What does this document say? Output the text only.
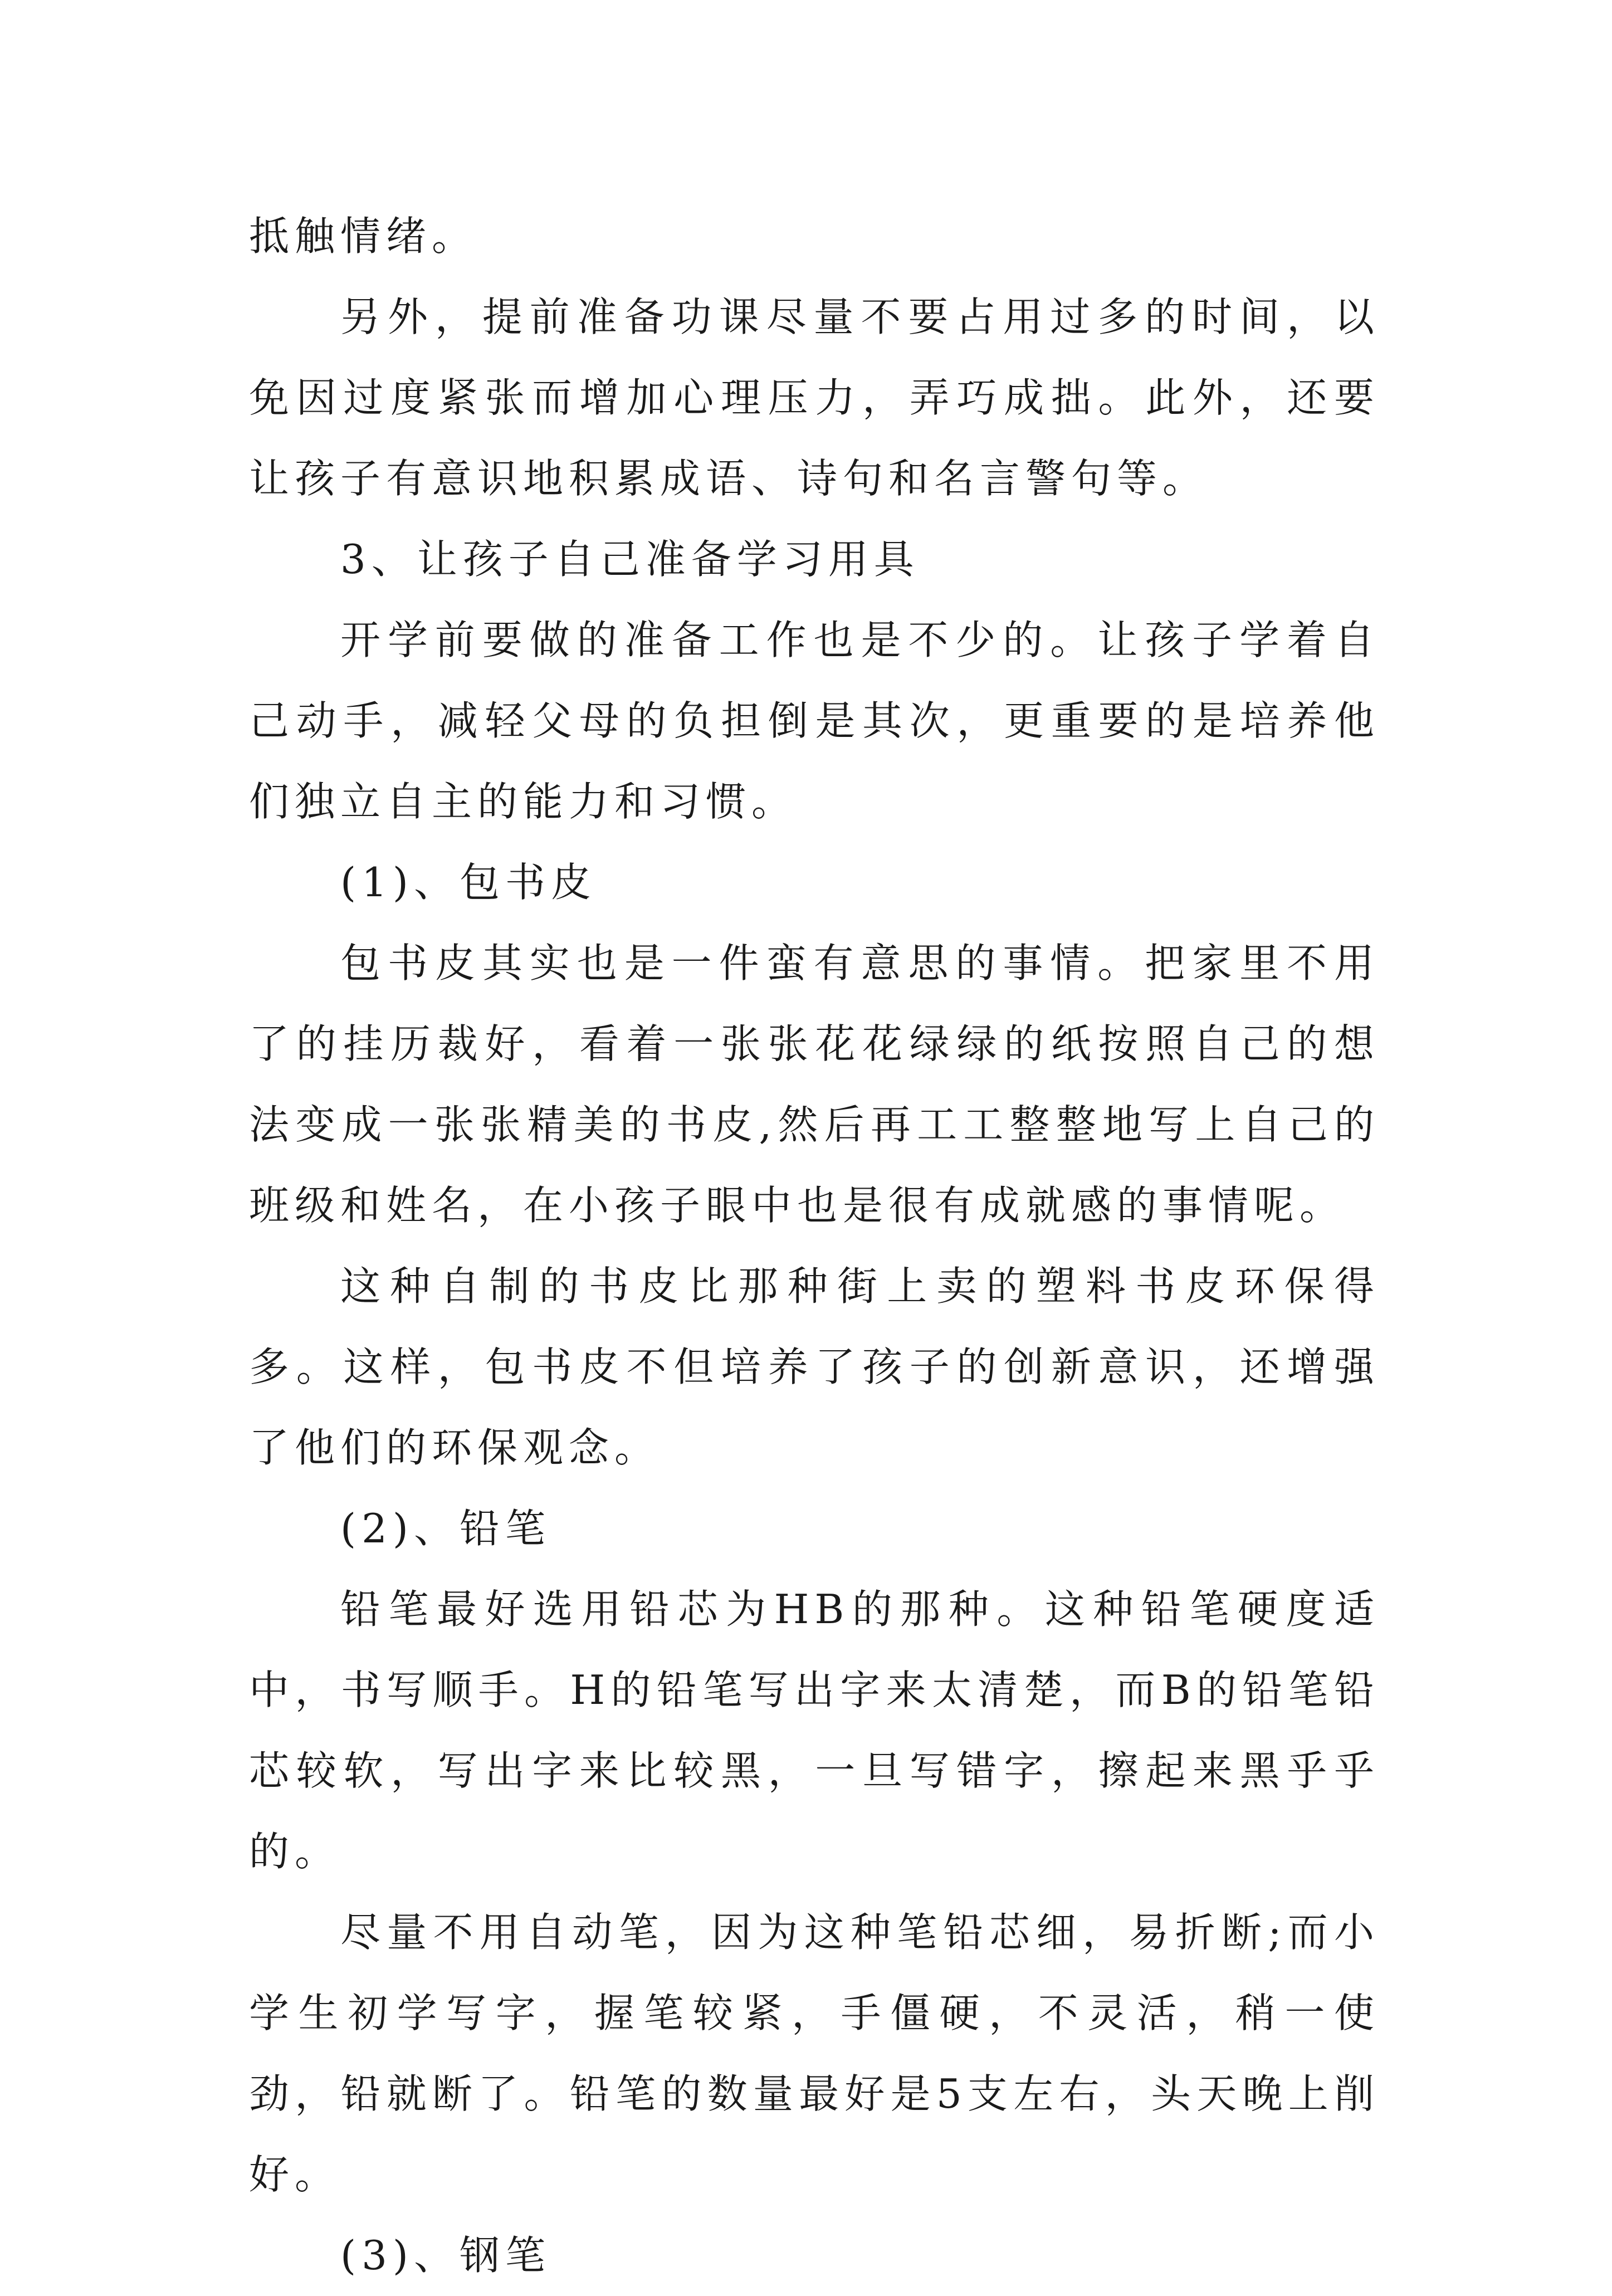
抵触情绪。

另外，提前准备功课尽量不要占用过多的时间，以免因过度紧张而增加心理压力，弄巧成拙。此外，还要让孩子有意识地积累成语、诗句和名言警句等。

3、让孩子自己准备学习用具

开学前要做的准备工作也是不少的。让孩子学着自己动手，减轻父母的负担倒是其次，更重要的是培养他们独立自主的能力和习惯。

(1)、包书皮

包书皮其实也是一件蛮有意思的事情。把家里不用了的挂历裁好，看着一张张花花绿绿的纸按照自己的想法变成一张张精美的书皮,然后再工工整整地写上自己的班级和姓名，在小孩子眼中也是很有成就感的事情呢。

这种自制的书皮比那种街上卖的塑料书皮环保得多。这样，包书皮不但培养了孩子的创新意识，还增强了他们的环保观念。

(2)、铅笔

铅笔最好选用铅芯为HB的那种。这种铅笔硬度适中，书写顺手。H的铅笔写出字来太清楚，而B的铅笔铅芯较软，写出字来比较黑，一旦写错字，擦起来黑乎乎的。

尽量不用自动笔，因为这种笔铅芯细，易折断;而小学生初学写字，握笔较紧，手僵硬，不灵活，稍一使劲，铅就断了。铅笔的数量最好是5支左右，头天晚上削好。

(3)、钢笔
